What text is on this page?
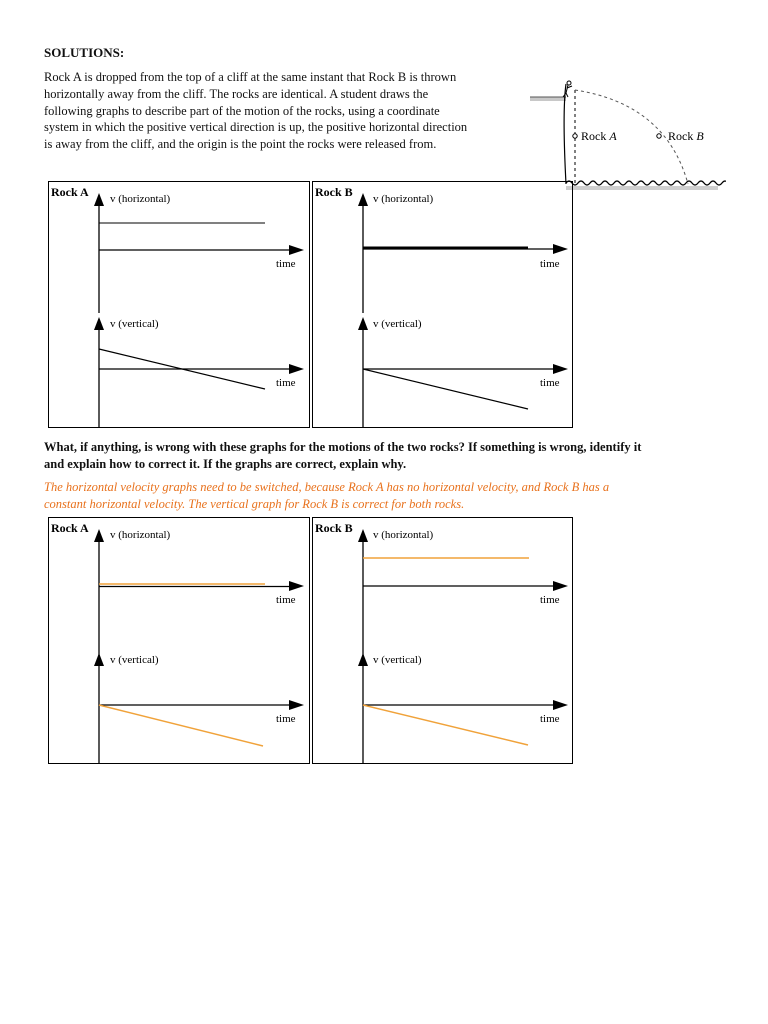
SOLUTIONS:

Rock A is dropped from the top of a cliff at the same instant that Rock B is thrown

horizontally away from the cliff. The rocks are identical. A student draws the

following graphs to describe part of the motion of the rocks, using a coordinate

system in which the positive vertical direction is up, the positive horizontal direction

is away from the cliff, and the origin is the point the rocks were released from.

Rock A	Rock B
Rock A v (horizontal)
time
v (vertical)
time
Rock B v (horizontal)
time
v (vertical)
time
What, if anything, is wrong with these graphs for the motions of the two rocks? If something is wrong, identify it
and explain how to correct it. If the graphs are correct, explain why.
The horizontal velocity graphs need to be switched, because Rock A has no horizontal velocity, and Rock B has a
constant horizontal velocity. The vertical graph for Rock B is correct for both rocks.
Rock A v (horizontal)
time
v (vertical)
time
Rock B v (horizontal)
time
v (vertical)
time
